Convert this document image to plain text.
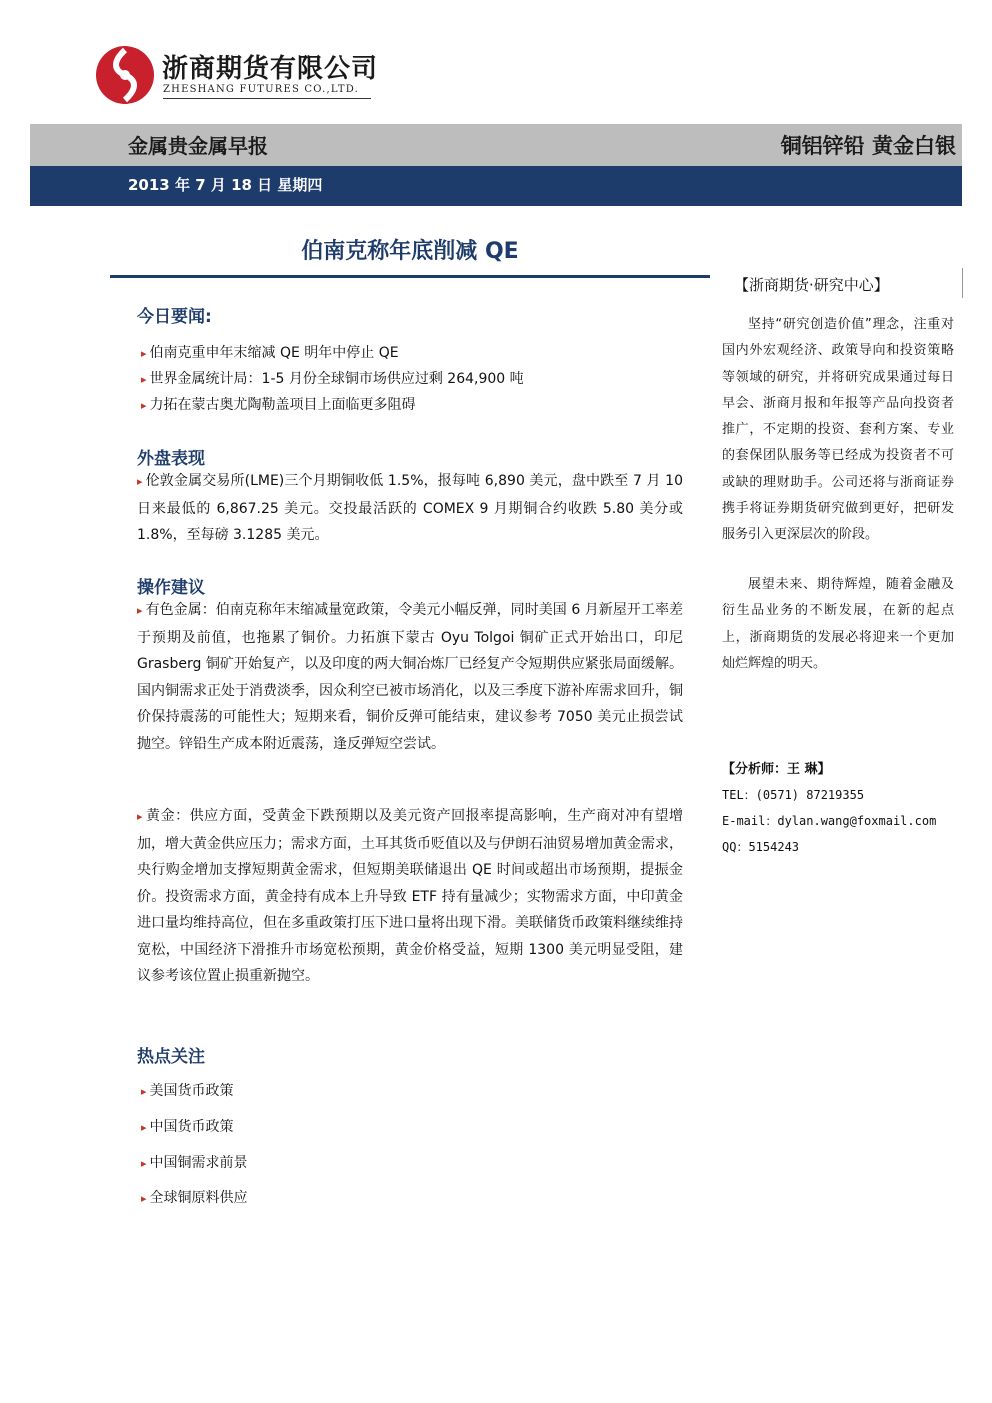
浙商期货有限公司
ZHESHANG FUTURES CO.,LTD.
金属贵金属早报	铜铝锌铅 黄金白银
2013 年 7 月 18 日 星期四
伯南克称年底削减 QE
今日要闻:
▸ 伯南克重申年末缩减 QE 明年中停止 QE
▸ 世界金属统计局：1-5 月份全球铜市场供应过剩 264,900 吨
▸ 力拓在蒙古奥尤陶勒盖项目上面临更多阻碍
外盘表现
▸ 伦敦金属交易所(LME)三个月期铜收低 1.5%，报每吨 6,890 美元，盘中跌至 7 月 10 日来最低的 6,867.25 美元。交投最活跃的 COMEX 9 月期铜合约收跌 5.80 美分或 1.8%，至每磅 3.1285 美元。
操作建议
▸ 有色金属：伯南克称年末缩减量宽政策，令美元小幅反弹，同时美国 6 月新屋开工率差于预期及前值，也拖累了铜价。力拓旗下蒙古 Oyu Tolgoi 铜矿正式开始出口，印尼 Grasberg 铜矿开始复产，以及印度的两大铜冶炼厂已经复产令短期供应紧张局面缓解。国内铜需求正处于消费淡季，因众利空已被市场消化，以及三季度下游补库需求回升，铜价保持震荡的可能性大；短期来看，铜价反弹可能结束，建议参考 7050 美元止损尝试抛空。锌铅生产成本附近震荡，逢反弹短空尝试。
▸ 黄金：供应方面，受黄金下跌预期以及美元资产回报率提高影响，生产商对冲有望增加，增大黄金供应压力；需求方面，土耳其货币贬值以及与伊朗石油贸易增加黄金需求，央行购金增加支撑短期黄金需求，但短期美联储退出 QE 时间或超出市场预期，提振金价。投资需求方面，黄金持有成本上升导致 ETF 持有量减少；实物需求方面，中印黄金进口量均维持高位，但在多重政策打压下进口量将出现下滑。美联储货币政策料继续维持宽松，中国经济下滑推升市场宽松预期，黄金价格受益，短期 1300 美元明显受阻，建议参考该位置止损重新抛空。
热点关注
▸ 美国货币政策
▸ 中国货币政策
▸ 中国铜需求前景
▸ 全球铜原料供应
【浙商期货·研究中心】
坚持“研究创造价值”理念，注重对国内外宏观经济、政策导向和投资策略等领域的研究，并将研究成果通过每日早会、浙商月报和年报等产品向投资者推广，不定期的投资、套利方案、专业的套保团队服务等已经成为投资者不可或缺的理财助手。公司还将与浙商证券携手将证券期货研究做到更好，把研发服务引入更深层次的阶段。
展望未来、期待辉煌，随着金融及衍生品业务的不断发展，在新的起点上，浙商期货的发展必将迎来一个更加灿烂辉煌的明天。
【分析师：王 琳】
TEL：(0571) 87219355
E-mail：dylan.wang@foxmail.com
QQ：5154243
